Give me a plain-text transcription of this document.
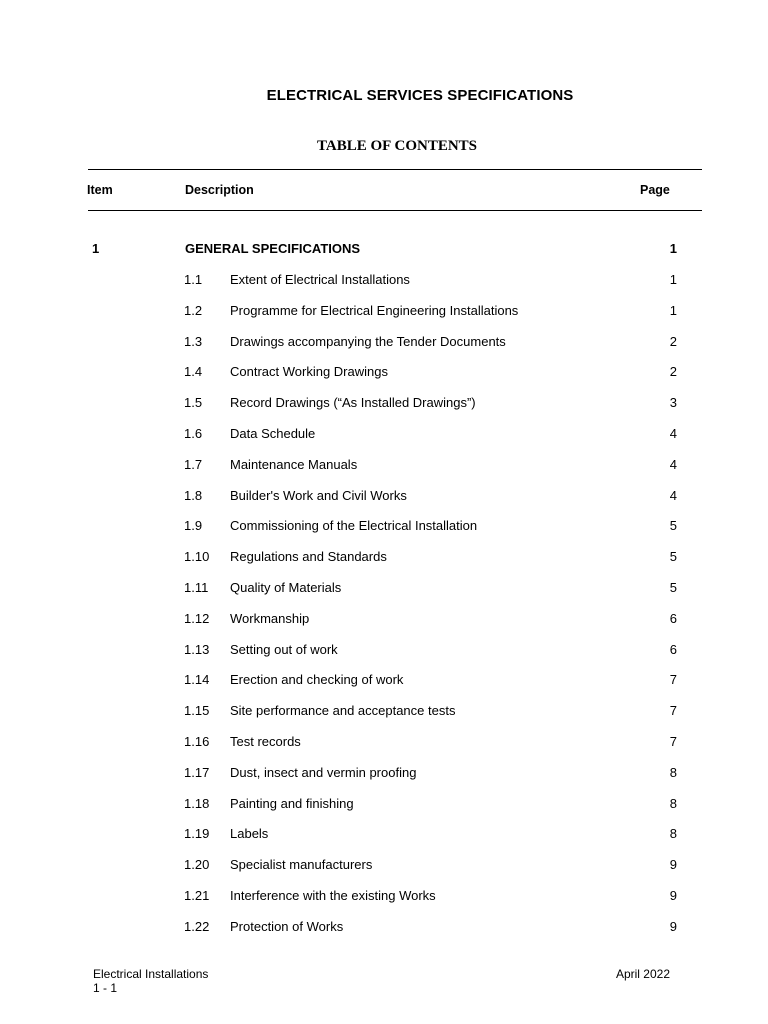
ELECTRICAL SERVICES SPECIFICATIONS
TABLE OF CONTENTS
Item	Description	Page
1	GENERAL SPECIFICATIONS	1
1.1 Extent of Electrical Installations	1
1.2 Programme for Electrical Engineering Installations	1
1.3 Drawings accompanying the Tender Documents	2
1.4 Contract Working Drawings	2
1.5 Record Drawings (“As Installed Drawings”)	3
1.6 Data Schedule	4
1.7 Maintenance Manuals	4
1.8 Builder's Work and Civil Works	4
1.9 Commissioning of the Electrical Installation	5
1.10 Regulations and Standards	5
1.11 Quality of Materials	5
1.12 Workmanship	6
1.13 Setting out of work	6
1.14 Erection and checking of work	7
1.15 Site performance and acceptance tests	7
1.16 Test records	7
1.17 Dust, insect and vermin proofing	8
1.18 Painting and finishing	8
1.19 Labels	8
1.20 Specialist manufacturers	9
1.21 Interference with the existing Works	9
1.22 Protection of Works	9
Electrical Installations
1 - 1
April 2022
